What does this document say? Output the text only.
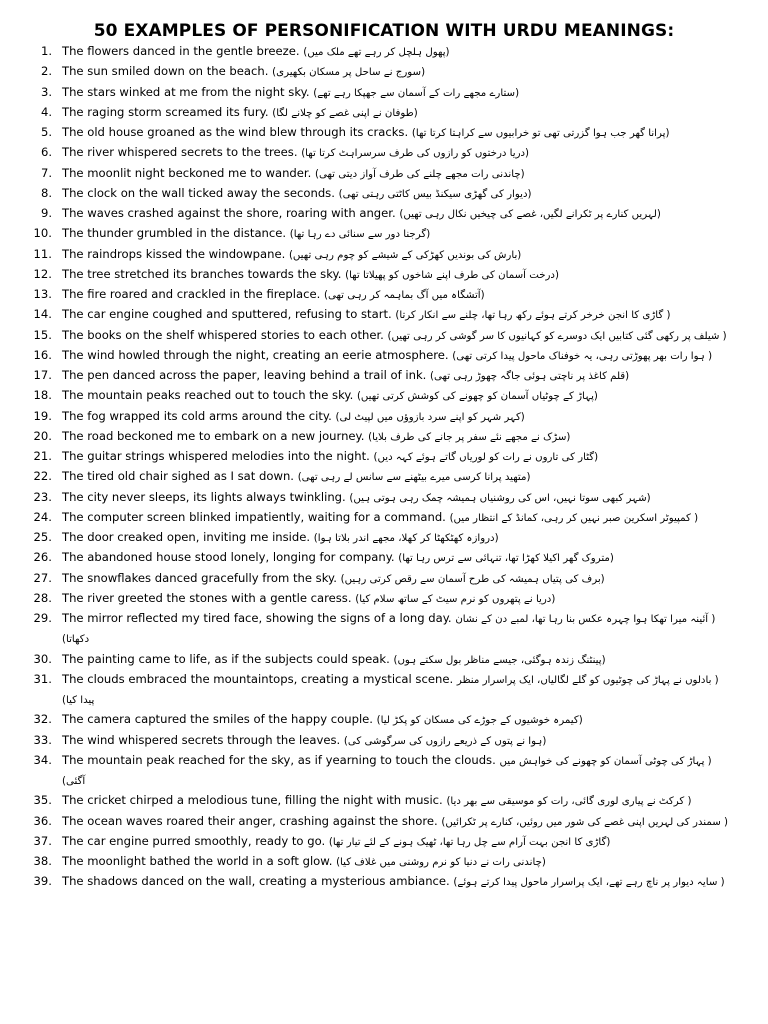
50 EXAMPLES OF PERSONIFICATION WITH URDU MEANINGS:
1. The flowers danced in the gentle breeze. (پھول ہلچل کر رہے تھے ملک میں)
2. The sun smiled down on the beach. (سورج نے ساحل پر مسکان بکھیری)
3. The stars winked at me from the night sky. (ستارے مجھے رات کے آسمان سے جھپکا رہے تھے)
4. The raging storm screamed its fury. (طوفان نے اپنی غصے کو چلانے لگا)
5. The old house groaned as the wind blew through its cracks. (پرانا گھر جب ہوا گزرتی تھی تو خرابیوں سے کراہتا کرتا تھا)
6. The river whispered secrets to the trees. (دریا درختوں کو رازوں کی طرف سرسراہٹ کرتا تھا)
7. The moonlit night beckoned me to wander. (چاندنی رات مجھے چلنے کی طرف آواز دیتی تھی)
8. The clock on the wall ticked away the seconds. (دیوار کی گھڑی سیکنڈ بیس کاٹتی رہتی تھی)
9. The waves crashed against the shore, roaring with anger. (لہریں کنارے پر ٹکرانے لگیں، غصے کی چیخیں نکال رہی تھیں)
10. The thunder grumbled in the distance. (گرجنا دور سے سنائی دے رہا تھا)
11. The raindrops kissed the windowpane. (بارش کی بوندیں کھڑکی کے شیشے کو چوم رہی تھیں)
12. The tree stretched its branches towards the sky. (درخت آسمان کی طرف اپنے شاخوں کو پھیلاتا تھا)
13. The fire roared and crackled in the fireplace. (آتشگاہ میں آگ بماہمہ کر رہی تھی)
14. The car engine coughed and sputtered, refusing to start. ( گاڑی کا انجن خرخر کرتے ہوئے رکھ رہا تھا، چلنے سے انکار کرتا)
15. The books on the shelf whispered stories to each other. ( شیلف پر رکھی گئی کتابیں ایک دوسرے کو کہانیوں کا سر گوشی کر رہی تھیں)
16. The wind howled through the night, creating an eerie atmosphere. ( ہوا رات بھر پھوڑتی رہی، یہ خوفناک ماحول پیدا کرتی تھی)
17. The pen danced across the paper, leaving behind a trail of ink. (قلم کاغذ پر ناچتی ہوئی جاگہ چھوڑ رہی تھی)
18. The mountain peaks reached out to touch the sky. (پہاڑ کے چوٹیاں آسمان کو چھونے کی کوشش کرتی تھیں)
19. The fog wrapped its cold arms around the city. (کہر شہر کو اپنے سرد بازوؤں میں لپیٹ لی)
20. The road beckoned me to embark on a new journey. (سڑک نے مجھے نئے سفر پر جانے کی طرف بلایا)
21. The guitar strings whispered melodies into the night. (گٹار کی تاروں نے رات کو لوریاں گاتے ہوئے کہہ دیں)
22. The tired old chair sighed as I sat down. (متھید پرانا کرسی میرے بیٹھنے سے سانس لے رہی تھی)
23. The city never sleeps, its lights always twinkling. (شہر کبھی سوتا نہیں، اس کی روشنیاں ہمیشہ چمک رہی ہوتی ہیں)
24. The computer screen blinked impatiently, waiting for a command. ( کمپیوٹر اسکرین صبر نہیں کر رہی، کمانڈ کے انتظار میں)
25. The door creaked open, inviting me inside. (دروازہ کھٹکھٹا کر کھلا، مجھے اندر بلاتا ہوا)
26. The abandoned house stood lonely, longing for company. (متروک گھر اکیلا کھڑا تھا، تنہائی سے ترس رہا تھا)
27. The snowflakes danced gracefully from the sky. (برف کی پتیاں ہمیشہ کی طرح آسمان سے رقص کرتی رہیں)
28. The river greeted the stones with a gentle caress. (دریا نے پتھروں کو نرم سیٹ کے ساتھ سلام کیا)
29. The mirror reflected my tired face, showing the signs of a long day. ( آئینہ میرا تھکا ہوا چہرہ عکس بنا رہا تھا، لمبے دن کے نشان دکھاتا)
30. The painting came to life, as if the subjects could speak. (پینٹنگ زندہ ہوگئی، جیسے مناظر بول سکتے ہوں)
31. The clouds embraced the mountaintops, creating a mystical scene. ( بادلوں نے پہاڑ کی چوٹیوں کو گلے لگالیاں، ایک پراسرار منظر پیدا کیا)
32. The camera captured the smiles of the happy couple. (کیمرہ خوشیوں کے جوڑے کی مسکان کو پکڑ لیا)
33. The wind whispered secrets through the leaves. (ہوا نے پتوں کے ذریعے رازوں کی سرگوشی کی)
34. The mountain peak reached for the sky, as if yearning to touch the clouds. ( پہاڑ کی چوٹی آسمان کو چھونے کی خواہش میں آگئی)
35. The cricket chirped a melodious tune, filling the night with music. ( کرکٹ نے پیاری لوری گائی، رات کو موسیقی سے بھر دیا)
36. The ocean waves roared their anger, crashing against the shore. ( سمندر کی لہریں اپنی غصے کی شور میں روئیں، کنارے پر ٹکرائیں)
37. The car engine purred smoothly, ready to go. (گاڑی کا انجن بہت آرام سے چل رہا تھا، ٹھیک ہونے کے لئے تیار تھا)
38. The moonlight bathed the world in a soft glow. (چاندنی رات نے دنیا کو نرم روشنی میں غلاف کیا)
39. The shadows danced on the wall, creating a mysterious ambiance. ( سایہ دیوار پر ناچ رہے تھے، ایک پراسرار ماحول پیدا کرتے ہوئے)
